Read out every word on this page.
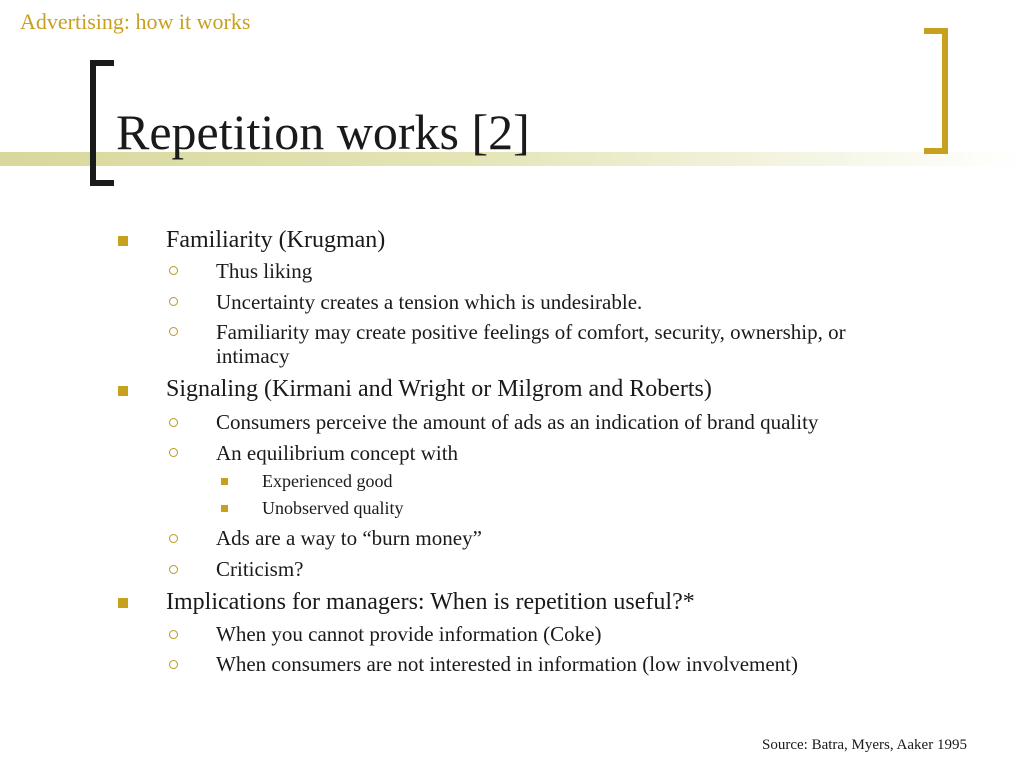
Advertising: how it works
Repetition works [2]
Familiarity (Krugman)
Thus liking
Uncertainty creates a tension which is undesirable.
Familiarity may create positive feelings of comfort, security, ownership, or intimacy
Signaling (Kirmani and Wright or Milgrom and Roberts)
Consumers perceive the amount of ads as an indication of brand quality
An equilibrium concept with
Experienced good
Unobserved quality
Ads are a way to “burn money”
Criticism?
Implications for managers: When is repetition useful?*
When you cannot provide information (Coke)
When consumers are not interested in information (low involvement)
Source: Batra, Myers, Aaker 1995
